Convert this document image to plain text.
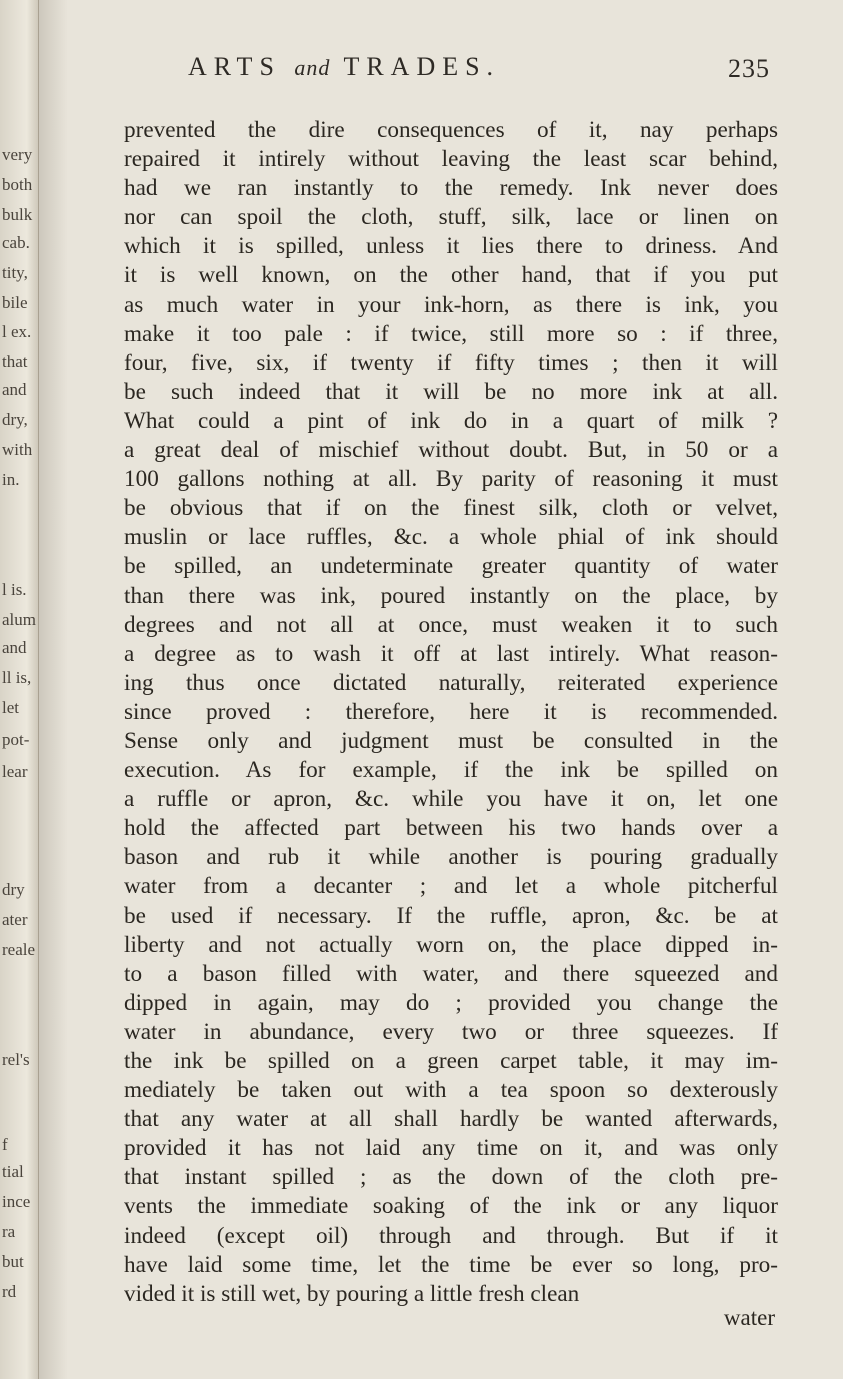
very
both
bulk
cab.
tity,
bile
l ex.
that
and
dry,
with
in.
l is.
alum
and
ll is,
let
pot-
lear
dry
ater
reale
rel's
f
tial
ince
ra
but
rd
ARTS and TRADES.	235
prevented the dire consequences of it, nay perhaps
repaired it intirely without leaving the least scar behind,
had we ran instantly to the remedy. Ink never does
nor can spoil the cloth, stuff, silk, lace or linen on
which it is spilled, unless it lies there to driness. And
it is well known, on the other hand, that if you put
as much water in your ink-horn, as there is ink, you
make it too pale : if twice, still more so : if three,
four, five, six, if twenty if fifty times ; then it will
be such indeed that it will be no more ink at all.
What could a pint of ink do in a quart of milk ?
a great deal of mischief without doubt. But, in 50 or a
100 gallons nothing at all. By parity of reasoning it must
be obvious that if on the finest silk, cloth or velvet,
muslin or lace ruffles, &c. a whole phial of ink should
be spilled, an undeterminate greater quantity of water
than there was ink, poured instantly on the place, by
degrees and not all at once, must weaken it to such
a degree as to wash it off at last intirely. What reason-
ing thus once dictated naturally, reiterated experience
since proved : therefore, here it is recommended.
Sense only and judgment must be consulted in the
execution. As for example, if the ink be spilled on
a ruffle or apron, &c. while you have it on, let one
hold the affected part between his two hands over a
bason and rub it while another is pouring gradually
water from a decanter ; and let a whole pitcherful
be used if necessary. If the ruffle, apron, &c. be at
liberty and not actually worn on, the place dipped in-
to a bason filled with water, and there squeezed and
dipped in again, may do ; provided you change the
water in abundance, every two or three squeezes. If
the ink be spilled on a green carpet table, it may im-
mediately be taken out with a tea spoon so dexterously
that any water at all shall hardly be wanted afterwards,
provided it has not laid any time on it, and was only
that instant spilled ; as the down of the cloth pre-
vents the immediate soaking of the ink or any liquor
indeed (except oil) through and through. But if it
have laid some time, let the time be ever so long, pro-
vided it is still wet, by pouring a little fresh clean
water
